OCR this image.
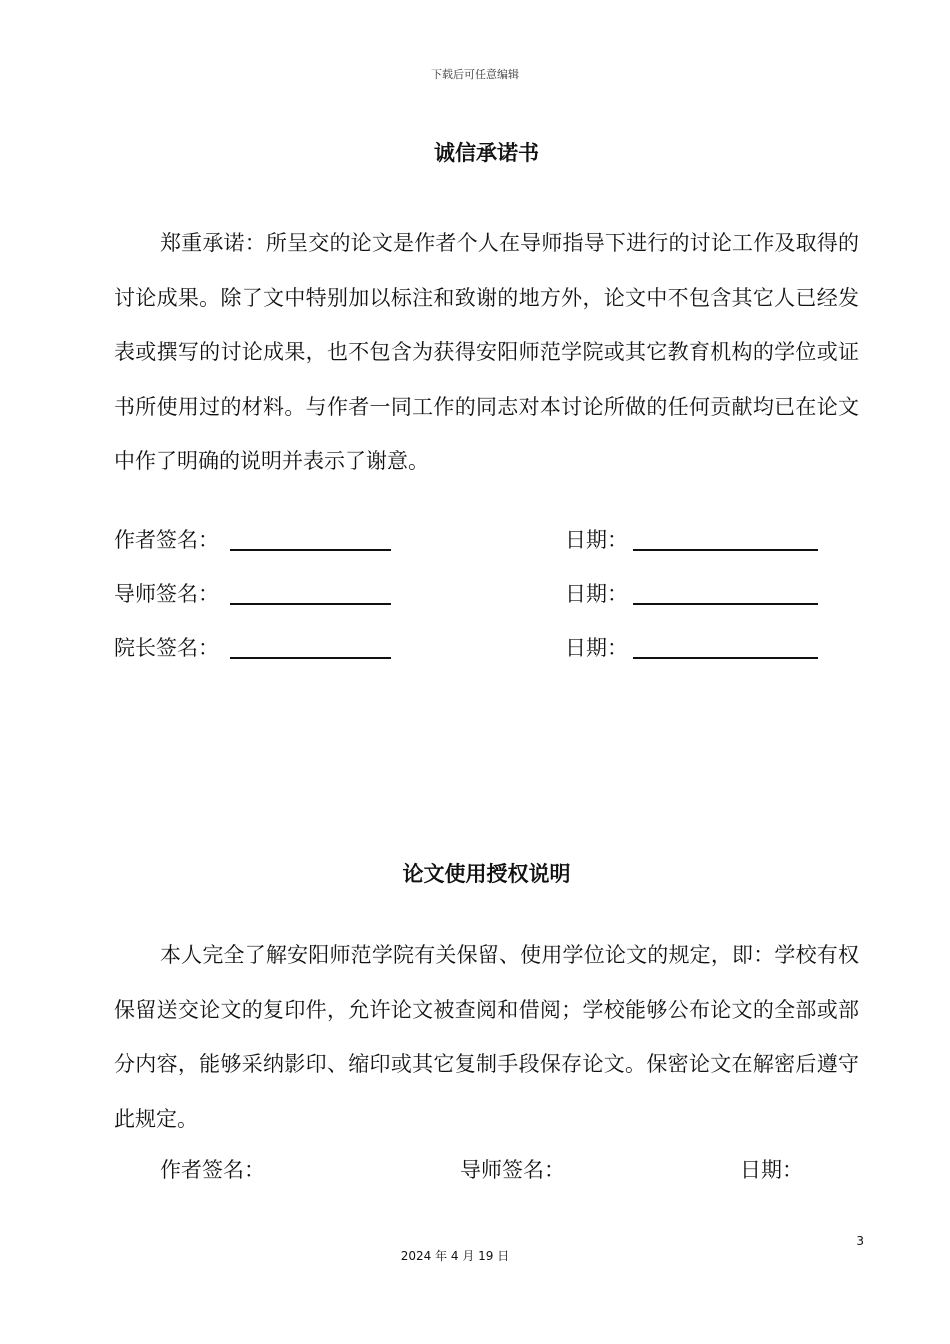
下载后可任意编辑
诚信承诺书

郑重承诺：所呈交的论文是作者个人在导师指导下进行的讨论工作及取得的讨论成果。除了文中特别加以标注和致谢的地方外，论文中不包含其它人已经发表或撰写的讨论成果，也不包含为获得安阳师范学院或其它教育机构的学位或证书所使用过的材料。与作者一同工作的同志对本讨论所做的任何贡献均已在论文中作了明确的说明并表示了谢意。

作者签名：	日期：
导师签名：	日期：
院长签名：	日期：
论文使用授权说明

本人完全了解安阳师范学院有关保留、使用学位论文的规定，即：学校有权保留送交论文的复印件，允许论文被查阅和借阅；学校能够公布论文的全部或部分内容，能够采纳影印、缩印或其它复制手段保存论文。保密论文在解密后遵守此规定。

作者签名：	导师签名：	日期：
3
2024 年 4 月 19 日
